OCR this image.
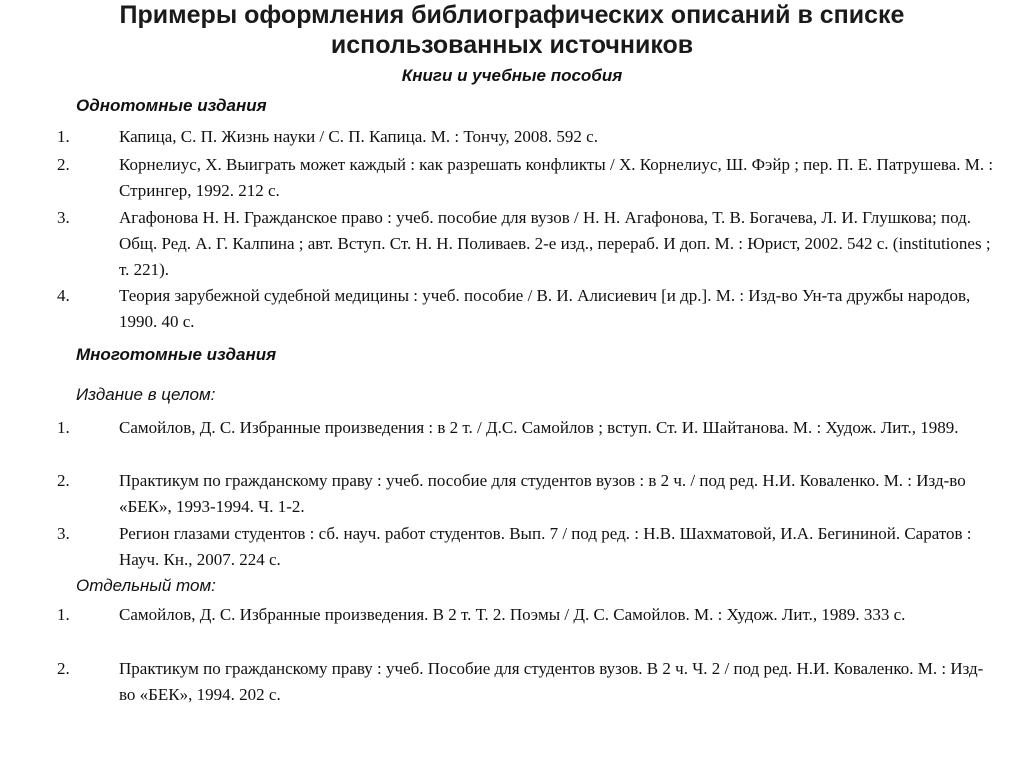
Примеры оформления библиографических описаний в списке
использованных источников
Книги и учебные пособия
Однотомные издания
1.	Капица, С. П. Жизнь науки / С. П. Капица. М. : Тончу, 2008. 592 с.
2.	Корнелиус, Х. Выиграть может каждый : как разрешать конфликты / Х. Корнелиус, Ш. Фэйр ; пер. П. Е. Патрушева. М. : Стрингер, 1992. 212 с.
3.	Агафонова Н. Н. Гражданское право : учеб. пособие для вузов / Н. Н. Агафонова, Т. В. Богачева, Л. И. Глушкова; под. Общ. Ред. А. Г. Калпина ; авт. Вступ. Ст. Н. Н. Поливаев. 2-е изд., перераб. И доп. М. : Юрист, 2002. 542 с. (institutiones ; т. 221).
4.	Теория зарубежной судебной медицины : учеб. пособие / В. И. Алисиевич [и др.]. М. : Изд-во Ун-та дружбы народов, 1990. 40 с.
Многотомные издания
Издание в целом:
1.	Самойлов, Д. С. Избранные произведения : в 2 т. / Д.С. Самойлов ; вступ. Ст. И. Шайтанова. М. : Худож. Лит., 1989.
2.	Практикум по гражданскому праву : учеб. пособие для студентов вузов : в 2 ч. / под ред. Н.И. Коваленко. М. : Изд-во «БЕК», 1993-1994. Ч. 1-2.
3.	Регион глазами студентов : сб. науч. работ студентов. Вып. 7 / под ред. : Н.В. Шахматовой, И.А. Бегининой. Саратов : Науч. Кн., 2007. 224 с.
Отдельный том:
1.	Самойлов, Д. С. Избранные произведения. В 2 т. Т. 2. Поэмы / Д. С. Самойлов. М. : Худож. Лит., 1989. 333 с.
2.	Практикум по гражданскому праву : учеб. Пособие для студентов вузов. В 2 ч. Ч. 2 / под ред. Н.И. Коваленко. М. : Изд-во «БЕК», 1994. 202 с.
